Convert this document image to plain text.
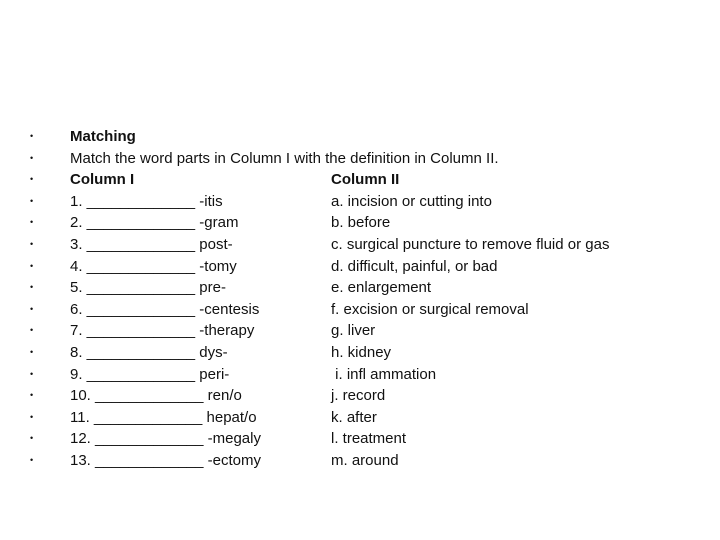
• Matching
• Match the word parts in Column I with the definition in Column II.
• Column I	Column II
• 1. _____________ -itis	a. incision or cutting into
• 2. _____________ -gram	b. before
• 3. _____________ post-	c. surgical puncture to remove fluid or gas
• 4. _____________ -tomy	d. difficult, painful, or bad
• 5. _____________ pre-	e. enlargement
• 6. _____________ -centesis	f. excision or surgical removal
• 7. _____________ -therapy	g. liver
• 8. _____________ dys-	h. kidney
• 9. _____________ peri-	i. infl ammation
• 10. _____________ ren/o	j. record
• 11. _____________ hepat/o	k. after
• 12. _____________ -megaly	l. treatment
• 13. _____________ -ectomy	m. around
